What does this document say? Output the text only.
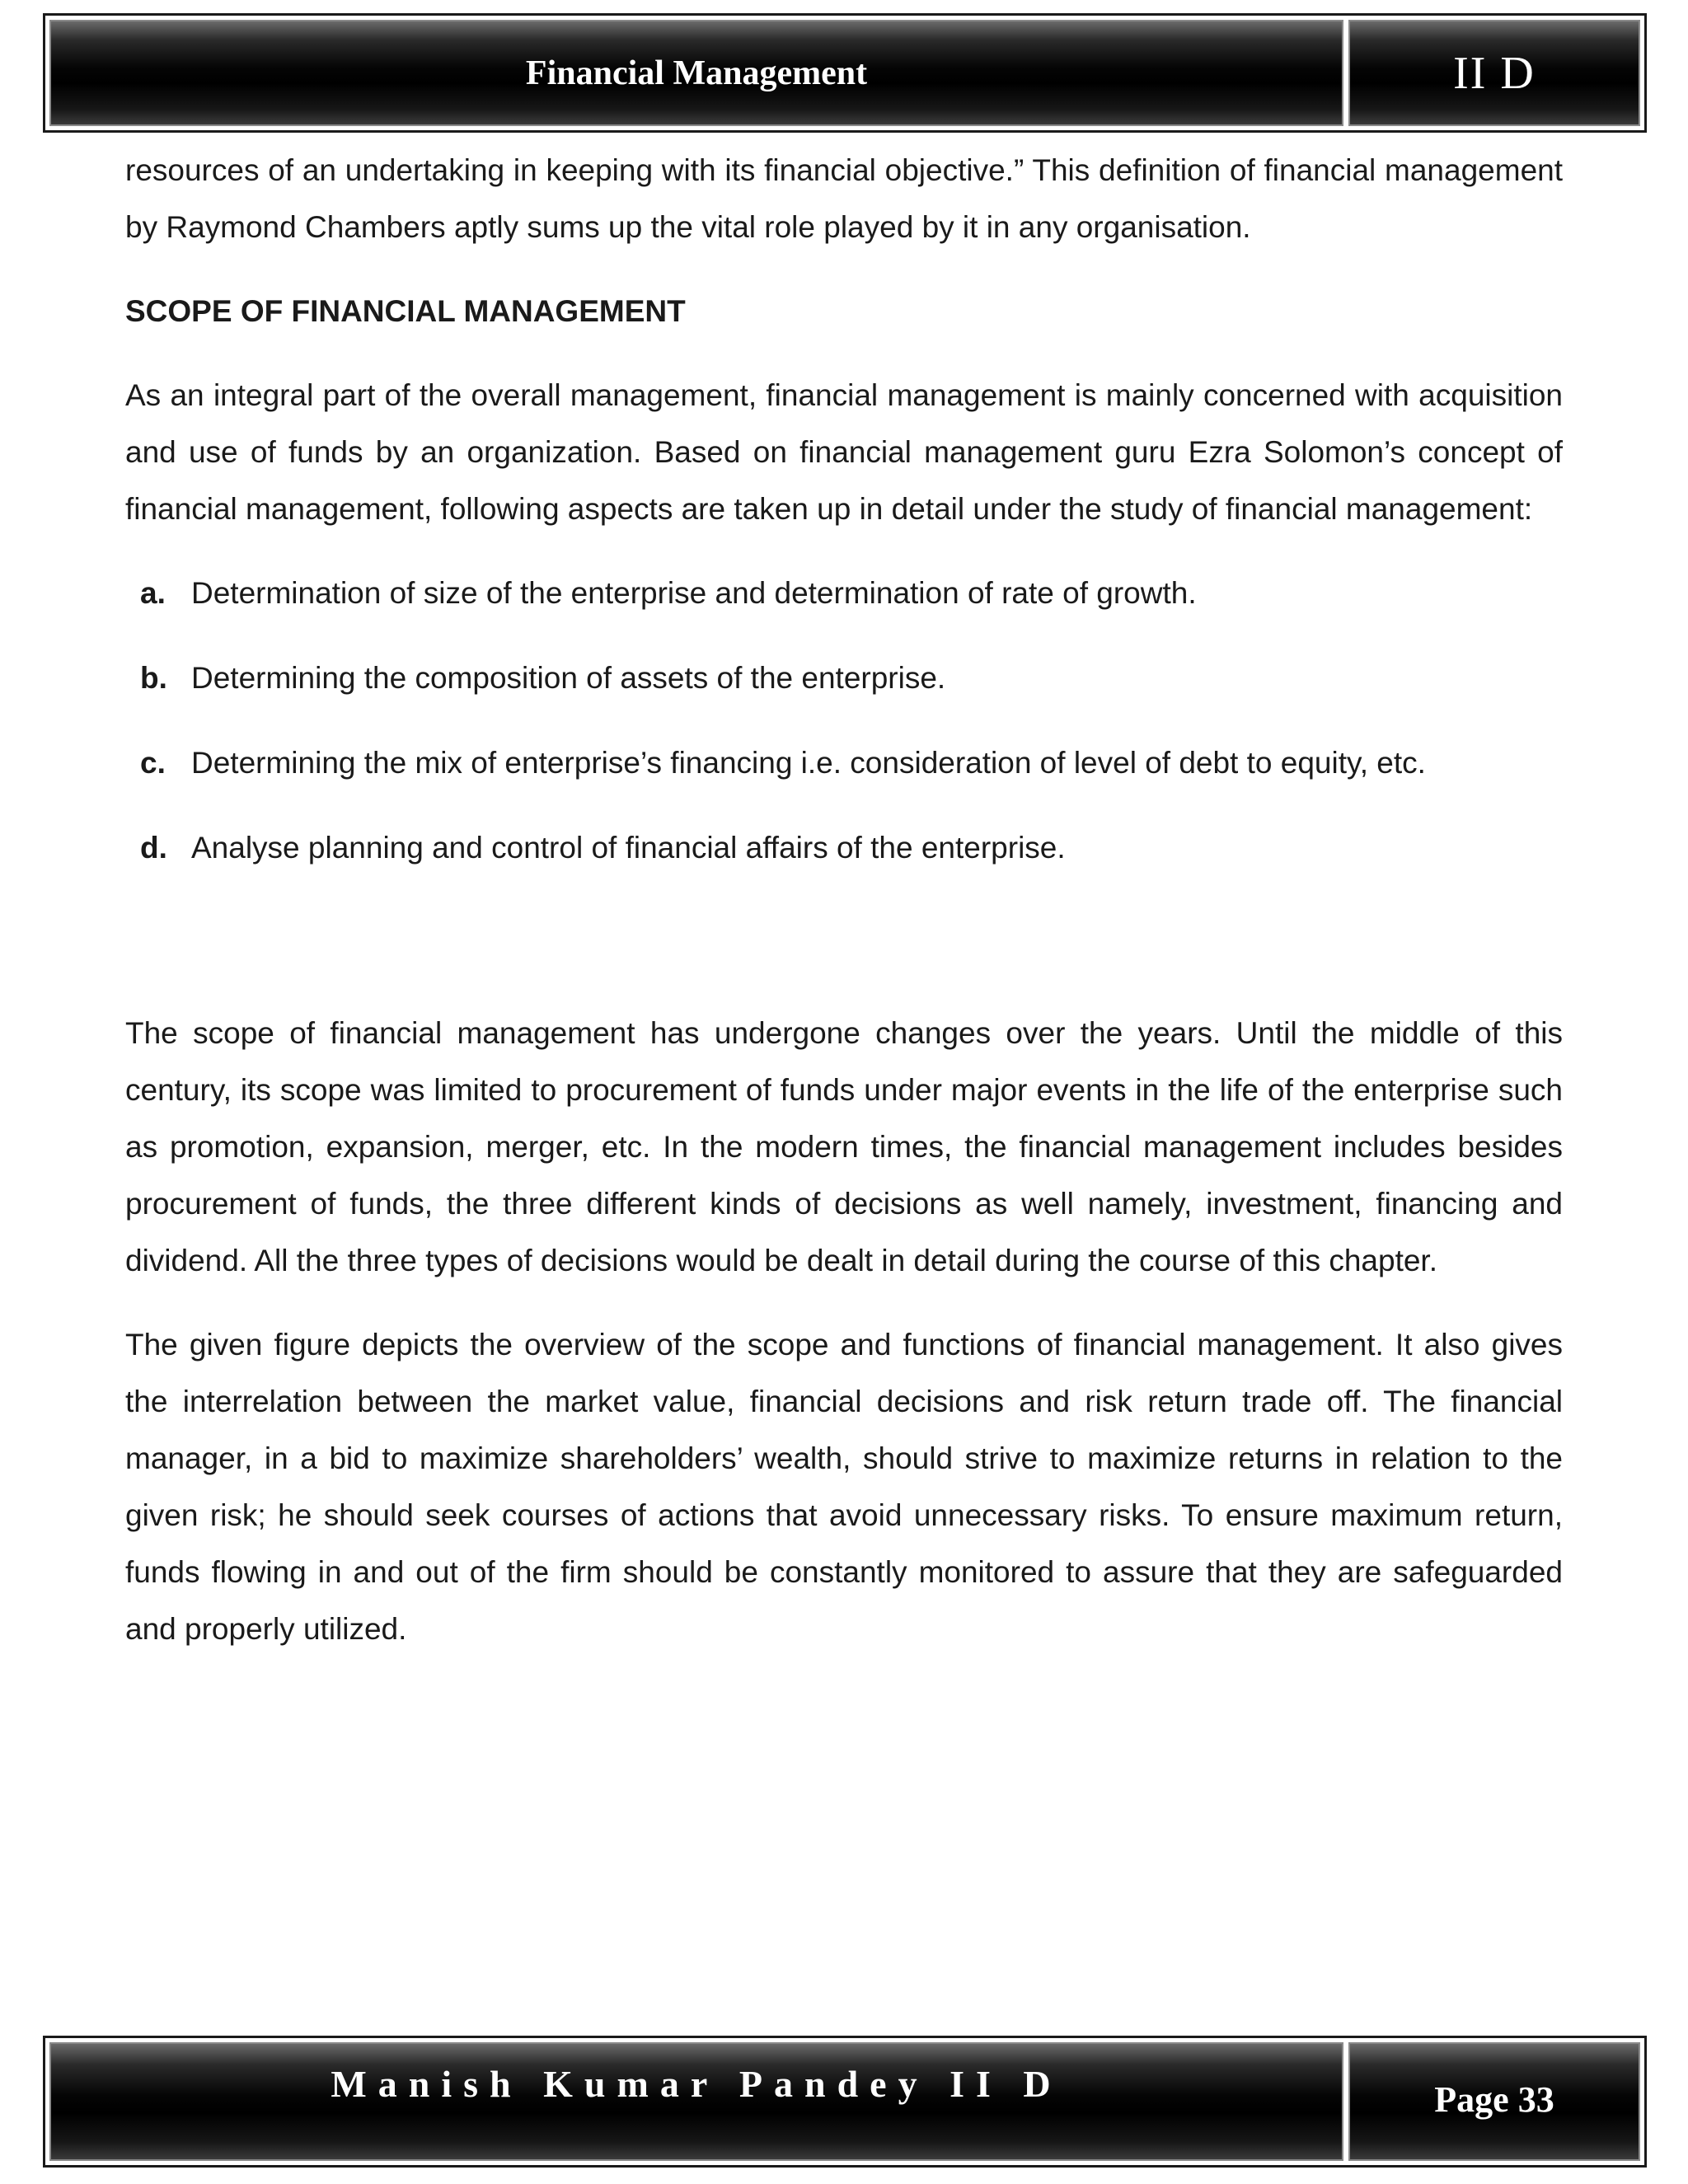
Financial Management	II D

resources of an undertaking in keeping with its financial objective.” This definition of financial management by Raymond Chambers aptly sums up the vital role played by it in any organisation.

SCOPE OF FINANCIAL MANAGEMENT

As an integral part of the overall management, financial management is mainly concerned with acquisition and use of funds by an organization. Based on financial management guru Ezra Solomon’s concept of financial management, following aspects are taken up in detail under the study of financial management:

a. Determination of size of the enterprise and determination of rate of growth.
b. Determining the composition of assets of the enterprise.
c. Determining the mix of enterprise’s financing i.e. consideration of level of debt to equity, etc.
d. Analyse planning and control of financial affairs of the enterprise.

The scope of financial management has undergone changes over the years. Until the middle of this century, its scope was limited to procurement of funds under major events in the life of the enterprise such as promotion, expansion, merger, etc. In the modern times, the financial management includes besides procurement of funds, the three different kinds of decisions as well namely, investment, financing and dividend. All the three types of decisions would be dealt in detail during the course of this chapter.

The given figure depicts the overview of the scope and functions of financial management. It also gives the interrelation between the market value, financial decisions and risk return trade off. The financial manager, in a bid to maximize shareholders’ wealth, should strive to maximize returns in relation to the given risk; he should seek courses of actions that avoid unnecessary risks. To ensure maximum return, funds flowing in and out of the firm should be constantly monitored to assure that they are safeguarded and properly utilized.

Manish Kumar Pandey II D	Page 33
